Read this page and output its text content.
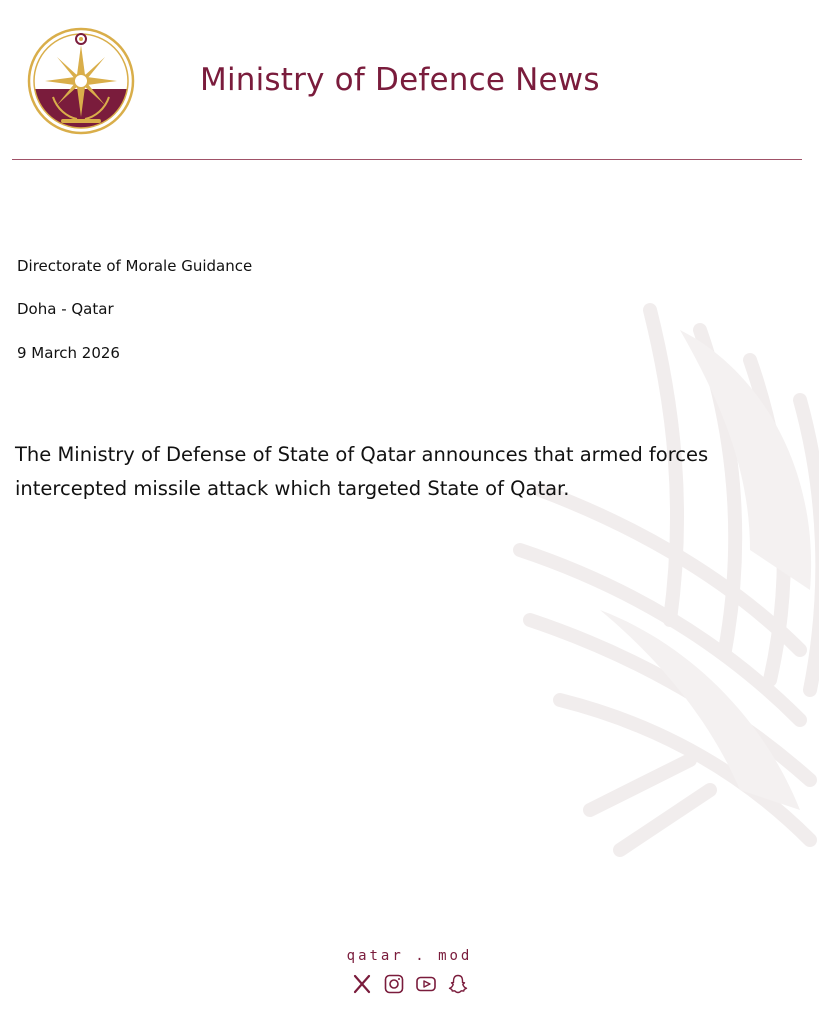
Ministry of Defence News
Directorate of Morale Guidance
Doha - Qatar
9 March 2026
The Ministry of Defense of State of Qatar announces that armed forces intercepted missile attack which targeted State of Qatar.
qatar . mod
